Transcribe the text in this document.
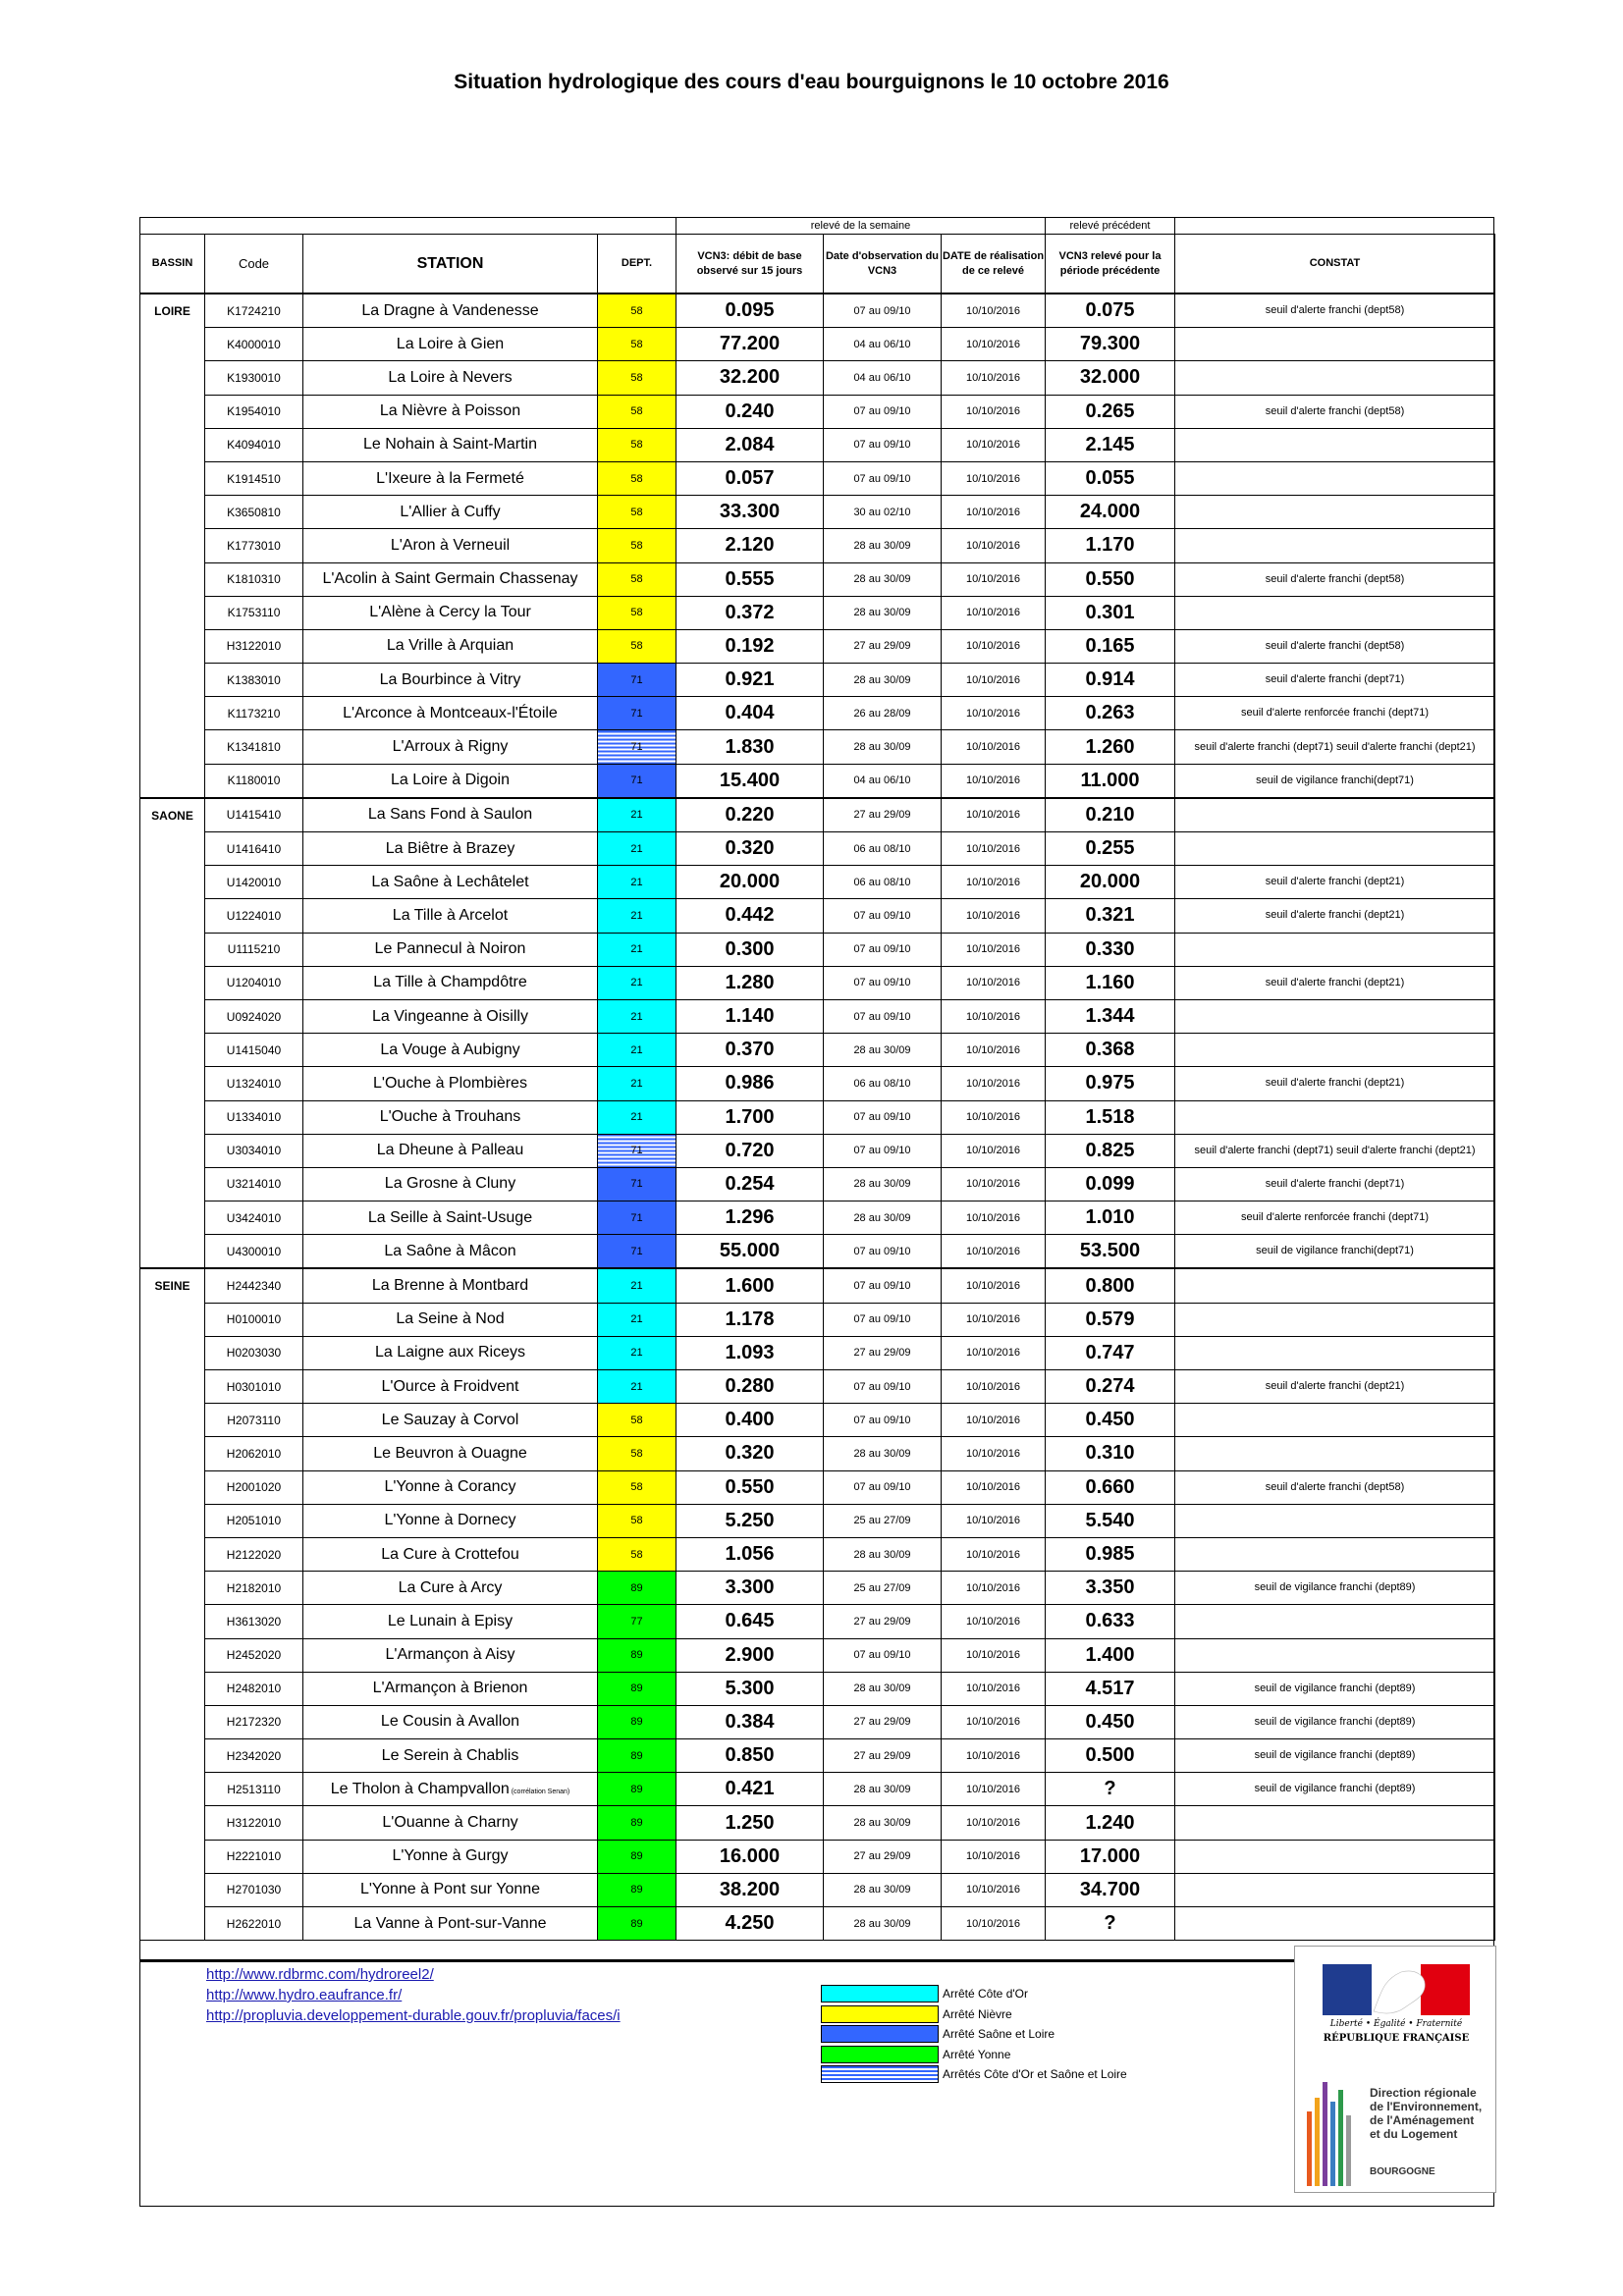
Situation hydrologique des cours d'eau bourguignons le 10 octobre 2016
				relevé de la semaine			relevé précédent	
BASSIN	Code	STATION	DEPT.	VCN3: débit de base observé sur 15 jours	Date d'observation du VCN3	DATE de réalisation de ce relevé	VCN3 relevé pour la période précédente	CONSTAT
LOIRE	K1724210	La Dragne à Vandenesse	58	0.095	07 au 09/10	10/10/2016	0.075	seuil d'alerte franchi (dept58)
	K4000010	La Loire à Gien	58	77.200	04 au 06/10	10/10/2016	79.300	
	K1930010	La Loire à Nevers	58	32.200	04 au 06/10	10/10/2016	32.000	
	K1954010	La Nièvre à Poisson	58	0.240	07 au 09/10	10/10/2016	0.265	seuil d'alerte franchi (dept58)
	K4094010	Le Nohain à Saint-Martin	58	2.084	07 au 09/10	10/10/2016	2.145	
	K1914510	L'Ixeure à la Fermeté	58	0.057	07 au 09/10	10/10/2016	0.055	
	K3650810	L'Allier à Cuffy	58	33.300	30 au 02/10	10/10/2016	24.000	
	K1773010	L'Aron à Verneuil	58	2.120	28 au 30/09	10/10/2016	1.170	
	K1810310	L'Acolin à Saint Germain Chassenay	58	0.555	28 au 30/09	10/10/2016	0.550	seuil d'alerte franchi (dept58)
	K1753110	L'Alène à Cercy la Tour	58	0.372	28 au 30/09	10/10/2016	0.301	
	H3122010	La Vrille à Arquian	58	0.192	27 au 29/09	10/10/2016	0.165	seuil d'alerte franchi (dept58)
	K1383010	La Bourbince à Vitry	71	0.921	28 au 30/09	10/10/2016	0.914	seuil d'alerte franchi (dept71)
	K1173210	L'Arconce à Montceaux-l'Étoile	71	0.404	26 au 28/09	10/10/2016	0.263	seuil d'alerte renforcée franchi (dept71)
	K1341810	L'Arroux à Rigny	71	1.830	28 au 30/09	10/10/2016	1.260	seuil d'alerte franchi (dept71) seuil d'alerte franchi (dept21)
	K1180010	La Loire à Digoin	71	15.400	04 au 06/10	10/10/2016	11.000	seuil de vigilance franchi(dept71)
SAONE	U1415410	La Sans Fond à Saulon	21	0.220	27 au 29/09	10/10/2016	0.210	
	U1416410	La Biêtre à Brazey	21	0.320	06 au 08/10	10/10/2016	0.255	
	U1420010	La Saône à Lechâtelet	21	20.000	06 au 08/10	10/10/2016	20.000	seuil d'alerte franchi (dept21)
	U1224010	La Tille à Arcelot	21	0.442	07 au 09/10	10/10/2016	0.321	seuil d'alerte franchi (dept21)
	U1115210	Le Pannecul à Noiron	21	0.300	07 au 09/10	10/10/2016	0.330	
	U1204010	La Tille à Champdôtre	21	1.280	07 au 09/10	10/10/2016	1.160	seuil d'alerte franchi (dept21)
	U0924020	La Vingeanne à Oisilly	21	1.140	07 au 09/10	10/10/2016	1.344	
	U1415040	La Vouge à Aubigny	21	0.370	28 au 30/09	10/10/2016	0.368	
	U1324010	L'Ouche à Plombières	21	0.986	06 au 08/10	10/10/2016	0.975	seuil d'alerte franchi (dept21)
	U1334010	L'Ouche à Trouhans	21	1.700	07 au 09/10	10/10/2016	1.518	
	U3034010	La Dheune à Palleau	71	0.720	07 au 09/10	10/10/2016	0.825	seuil d'alerte franchi (dept71) seuil d'alerte franchi (dept21)
	U3214010	La Grosne à Cluny	71	0.254	28 au 30/09	10/10/2016	0.099	seuil d'alerte franchi (dept71)
	U3424010	La Seille à Saint-Usuge	71	1.296	28 au 30/09	10/10/2016	1.010	seuil d'alerte renforcée franchi (dept71)
	U4300010	La Saône à Mâcon	71	55.000	07 au 09/10	10/10/2016	53.500	seuil de vigilance franchi(dept71)
SEINE	H2442340	La Brenne à Montbard	21	1.600	07 au 09/10	10/10/2016	0.800	
	H0100010	La Seine à Nod	21	1.178	07 au 09/10	10/10/2016	0.579	
	H0203030	La Laigne aux Riceys	21	1.093	27 au 29/09	10/10/2016	0.747	
	H0301010	L'Ource à Froidvent	21	0.280	07 au 09/10	10/10/2016	0.274	seuil d'alerte franchi (dept21)
	H2073110	Le Sauzay à Corvol	58	0.400	07 au 09/10	10/10/2016	0.450	
	H2062010	Le Beuvron à Ouagne	58	0.320	28 au 30/09	10/10/2016	0.310	
	H2001020	L'Yonne à Corancy	58	0.550	07 au 09/10	10/10/2016	0.660	seuil d'alerte franchi (dept58)
	H2051010	L'Yonne à Dornecy	58	5.250	25 au 27/09	10/10/2016	5.540	
	H2122020	La Cure à Crottefou	58	1.056	28 au 30/09	10/10/2016	0.985	
	H2182010	La Cure à Arcy	89	3.300	25 au 27/09	10/10/2016	3.350	seuil de vigilance franchi (dept89)
	H3613020	Le Lunain à Episy	77	0.645	27 au 29/09	10/10/2016	0.633	
	H2452020	L'Armançon à Aisy	89	2.900	07 au 09/10	10/10/2016	1.400	
	H2482010	L'Armançon à Brienon	89	5.300	28 au 30/09	10/10/2016	4.517	seuil de vigilance franchi (dept89)
	H2172320	Le Cousin à Avallon	89	0.384	27 au 29/09	10/10/2016	0.450	seuil de vigilance franchi (dept89)
	H2342020	Le Serein à Chablis	89	0.850	27 au 29/09	10/10/2016	0.500	seuil de vigilance franchi (dept89)
	H2513110	Le Tholon à Champvallon (corrélation Senan)	89	0.421	28 au 30/09	10/10/2016	?	seuil de vigilance franchi (dept89)
	H3122010	L'Ouanne à Charny	89	1.250	28 au 30/09	10/10/2016	1.240	
	H2221010	L'Yonne à Gurgy	89	16.000	27 au 29/09	10/10/2016	17.000	
	H2701030	L'Yonne à Pont sur Yonne	89	38.200	28 au 30/09	10/10/2016	34.700	
	H2622010	La Vanne à Pont-sur-Vanne	89	4.250	28 au 30/09	10/10/2016	?	
http://www.rdbrmc.com/hydroreel2/
http://www.hydro.eaufrance.fr/
http://propluvia.developpement-durable.gouv.fr/propluvia/faces/i
Arrêté Côte d'Or
Arrêté Nièvre
Arrêté Saône et Loire
Arrêté Yonne
Arrêtés Côte d'Or et Saône et Loire
Liberté • Égalité • Fraternité
RÉPUBLIQUE FRANÇAISE
Direction régionale
de l'Environnement,
de l'Aménagement
et du Logement
BOURGOGNE
